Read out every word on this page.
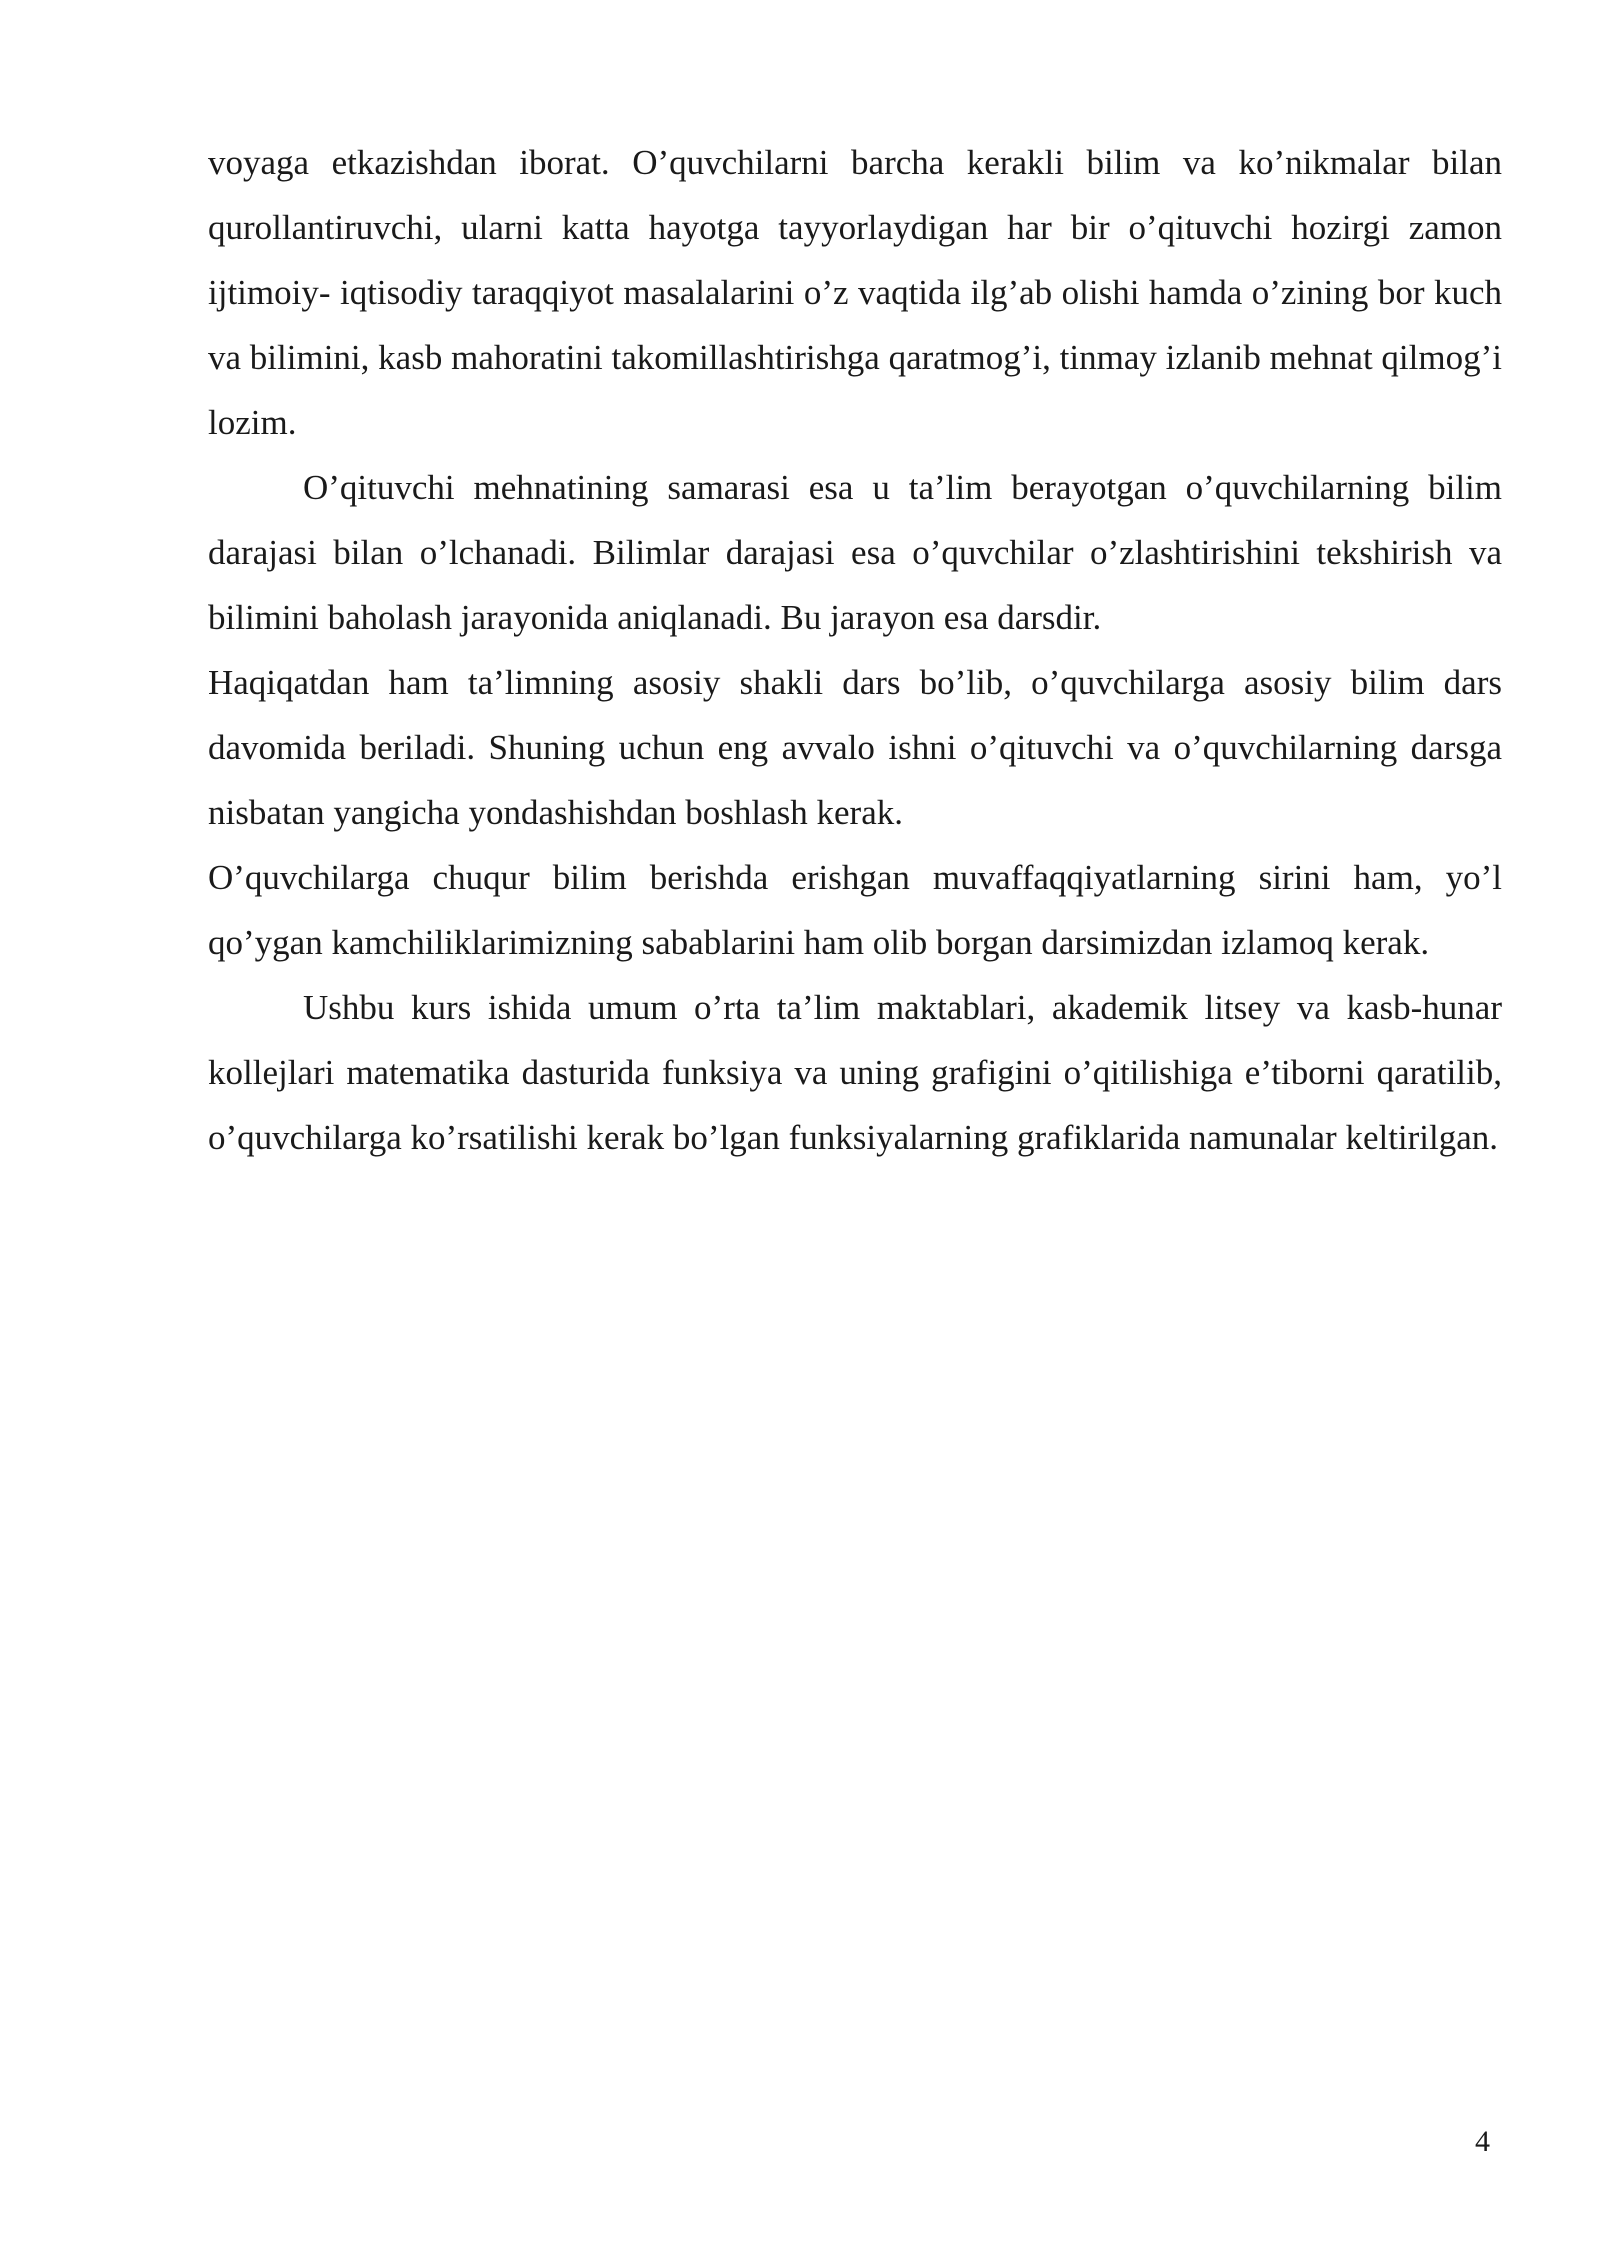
voyaga etkazishdan iborat. O’quvchilarni barcha kerakli bilim va ko’nikmalar bilan qurollantiruvchi, ularni katta hayotga tayyorlaydigan har bir o’qituvchi hozirgi zamon ijtimoiy- iqtisodiy taraqqiyot masalalarini o’z vaqtida ilg’ab olishi hamda o’zining bor kuch va bilimini, kasb mahoratini takomillashtirishga qaratmog’i, tinmay izlanib mehnat qilmog’i lozim.

O’qituvchi mehnatining samarasi esa u ta’lim berayotgan o’quvchilarning bilim darajasi bilan o’lchanadi. Bilimlar darajasi esa o’quvchilar o’zlashtirishini tekshirish va bilimini baholash jarayonida aniqlanadi. Bu jarayon esa darsdir.

Haqiqatdan ham ta’limning asosiy shakli dars bo’lib, o’quvchilarga asosiy bilim dars davomida beriladi. Shuning uchun eng avvalo ishni o’qituvchi va o’quvchilarning darsga nisbatan yangicha yondashishdan boshlash kerak.

O’quvchilarga chuqur bilim berishda erishgan muvaffaqqiyatlarning sirini ham, yo’l qo’ygan kamchiliklarimizning sabablarini ham olib borgan darsimizdan izlamoq kerak.

Ushbu kurs ishida umum o’rta ta’lim maktablari, akademik litsey va kasb-hunar kollejlari matematika dasturida funksiya va uning grafigini o’qitilishiga e’tiborni qaratilib, o’quvchilarga ko’rsatilishi kerak bo’lgan funksiyalarning grafiklarida namunalar keltirilgan.

4
